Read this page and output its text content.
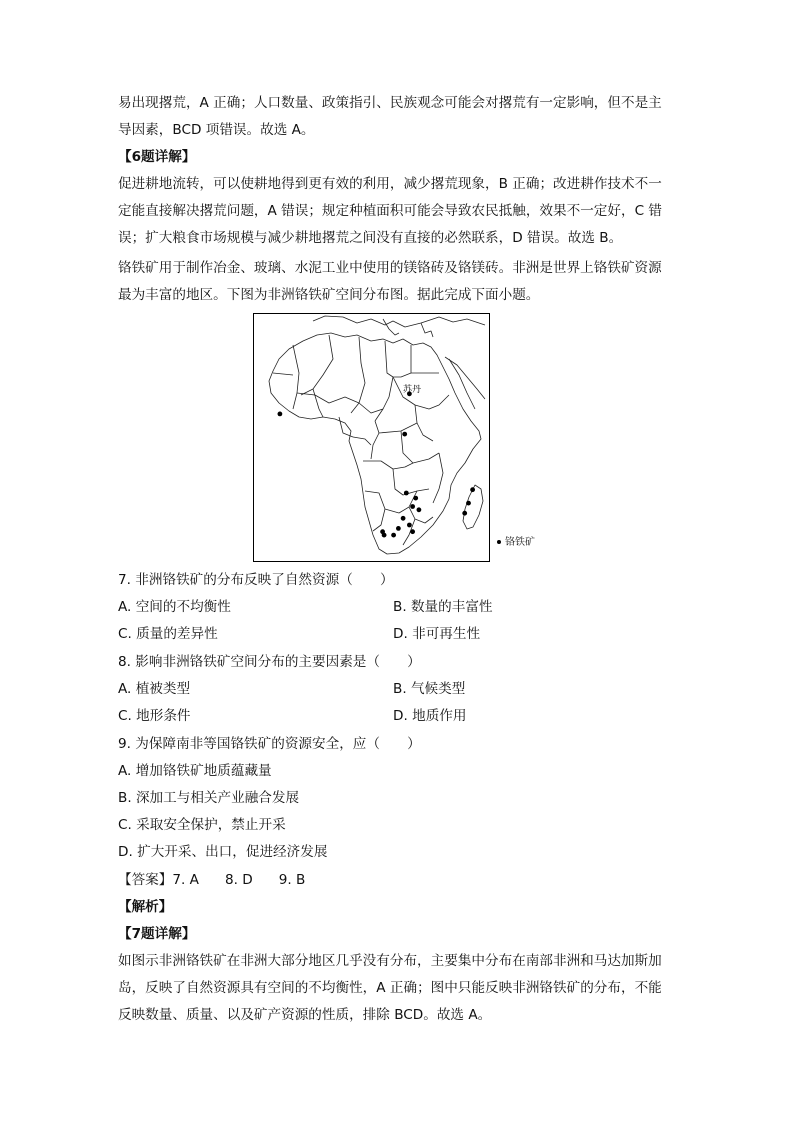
易出现撂荒，A 正确；人口数量、政策指引、民族观念可能会对撂荒有一定影响，但不是主
导因素，BCD 项错误。故选 A。
【6题详解】
促进耕地流转，可以使耕地得到更有效的利用，减少撂荒现象，B 正确；改进耕作技术不一
定能直接解决撂荒问题，A 错误；规定种植面积可能会导致农民抵触，效果不一定好，C 错
误；扩大粮食市场规模与减少耕地撂荒之间没有直接的必然联系，D 错误。故选 B。
铬铁矿用于制作冶金、玻璃、水泥工业中使用的镁铬砖及铬镁砖。非洲是世界上铬铁矿资源
最为丰富的地区。下图为非洲铬铁矿空间分布图。据此完成下面小题。
苏丹
铬铁矿
7. 非洲铬铁矿的分布反映了自然资源（　　）
A. 空间的不均衡性	B. 数量的丰富性
C. 质量的差异性	D. 非可再生性
8. 影响非洲铬铁矿空间分布的主要因素是（　　）
A. 植被类型	B. 气候类型
C. 地形条件	D. 地质作用
9. 为保障南非等国铬铁矿的资源安全，应（　　）
A. 增加铬铁矿地质蕴藏量
B. 深加工与相关产业融合发展
C. 采取安全保护，禁止开采
D. 扩大开采、出口，促进经济发展
【答案】7. A 8. D 9. B
【解析】
【7题详解】
如图示非洲铬铁矿在非洲大部分地区几乎没有分布，主要集中分布在南部非洲和马达加斯加
岛，反映了自然资源具有空间的不均衡性，A 正确；图中只能反映非洲铬铁矿的分布，不能
反映数量、质量、以及矿产资源的性质，排除 BCD。故选 A。
